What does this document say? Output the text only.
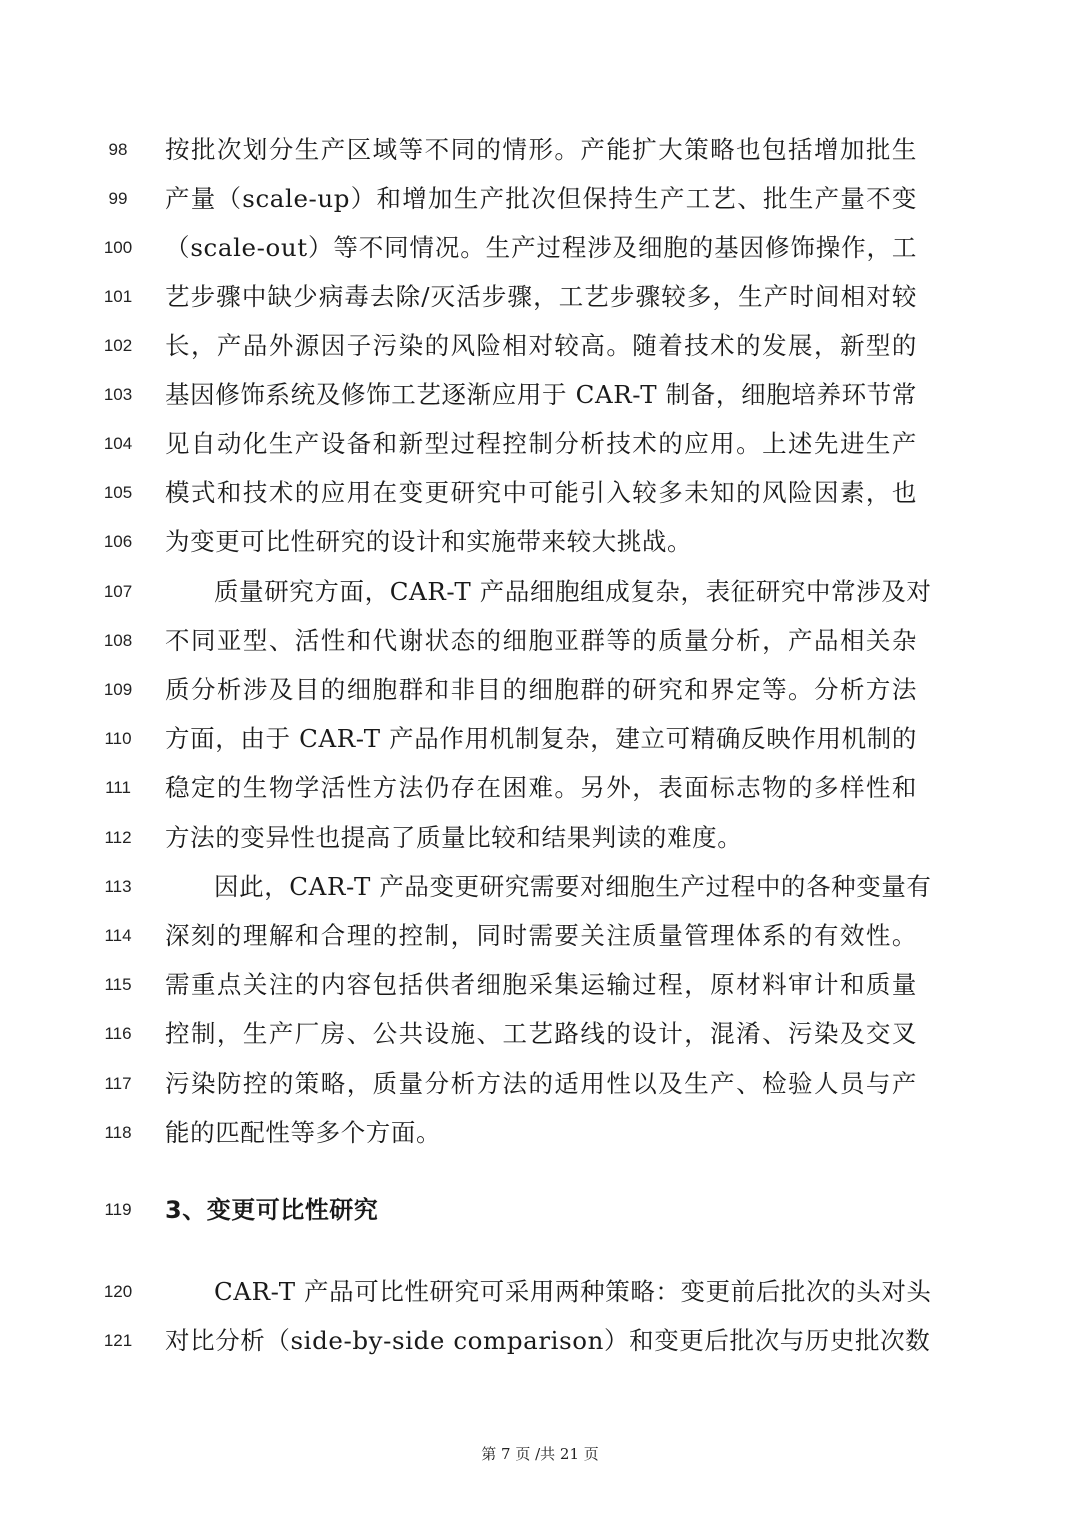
98	按批次划分生产区域等不同的情形。产能扩大策略也包括增加批生
99	产量（scale-up）和增加生产批次但保持生产工艺、批生产量不变
100	（scale-out）等不同情况。生产过程涉及细胞的基因修饰操作，工
101	艺步骤中缺少病毒去除/灭活步骤，工艺步骤较多，生产时间相对较
102	长，产品外源因子污染的风险相对较高。随着技术的发展，新型的
103	基因修饰系统及修饰工艺逐渐应用于 CAR-T 制备，细胞培养环节常
104	见自动化生产设备和新型过程控制分析技术的应用。上述先进生产
105	模式和技术的应用在变更研究中可能引入较多未知的风险因素，也
106	为变更可比性研究的设计和实施带来较大挑战。
107	质量研究方面，CAR-T 产品细胞组成复杂，表征研究中常涉及对
108	不同亚型、活性和代谢状态的细胞亚群等的质量分析，产品相关杂
109	质分析涉及目的细胞群和非目的细胞群的研究和界定等。分析方法
110	方面，由于 CAR-T 产品作用机制复杂，建立可精确反映作用机制的
111	稳定的生物学活性方法仍存在困难。另外，表面标志物的多样性和
112	方法的变异性也提高了质量比较和结果判读的难度。
113	因此，CAR-T 产品变更研究需要对细胞生产过程中的各种变量有
114	深刻的理解和合理的控制，同时需要关注质量管理体系的有效性。
115	需重点关注的内容包括供者细胞采集运输过程，原材料审计和质量
116	控制，生产厂房、公共设施、工艺路线的设计，混淆、污染及交叉
117	污染防控的策略，质量分析方法的适用性以及生产、检验人员与产
118	能的匹配性等多个方面。
119	3、变更可比性研究
120	CAR-T 产品可比性研究可采用两种策略：变更前后批次的头对头
121	对比分析（side-by-side comparison）和变更后批次与历史批次数
第 7 页 /共 21 页
